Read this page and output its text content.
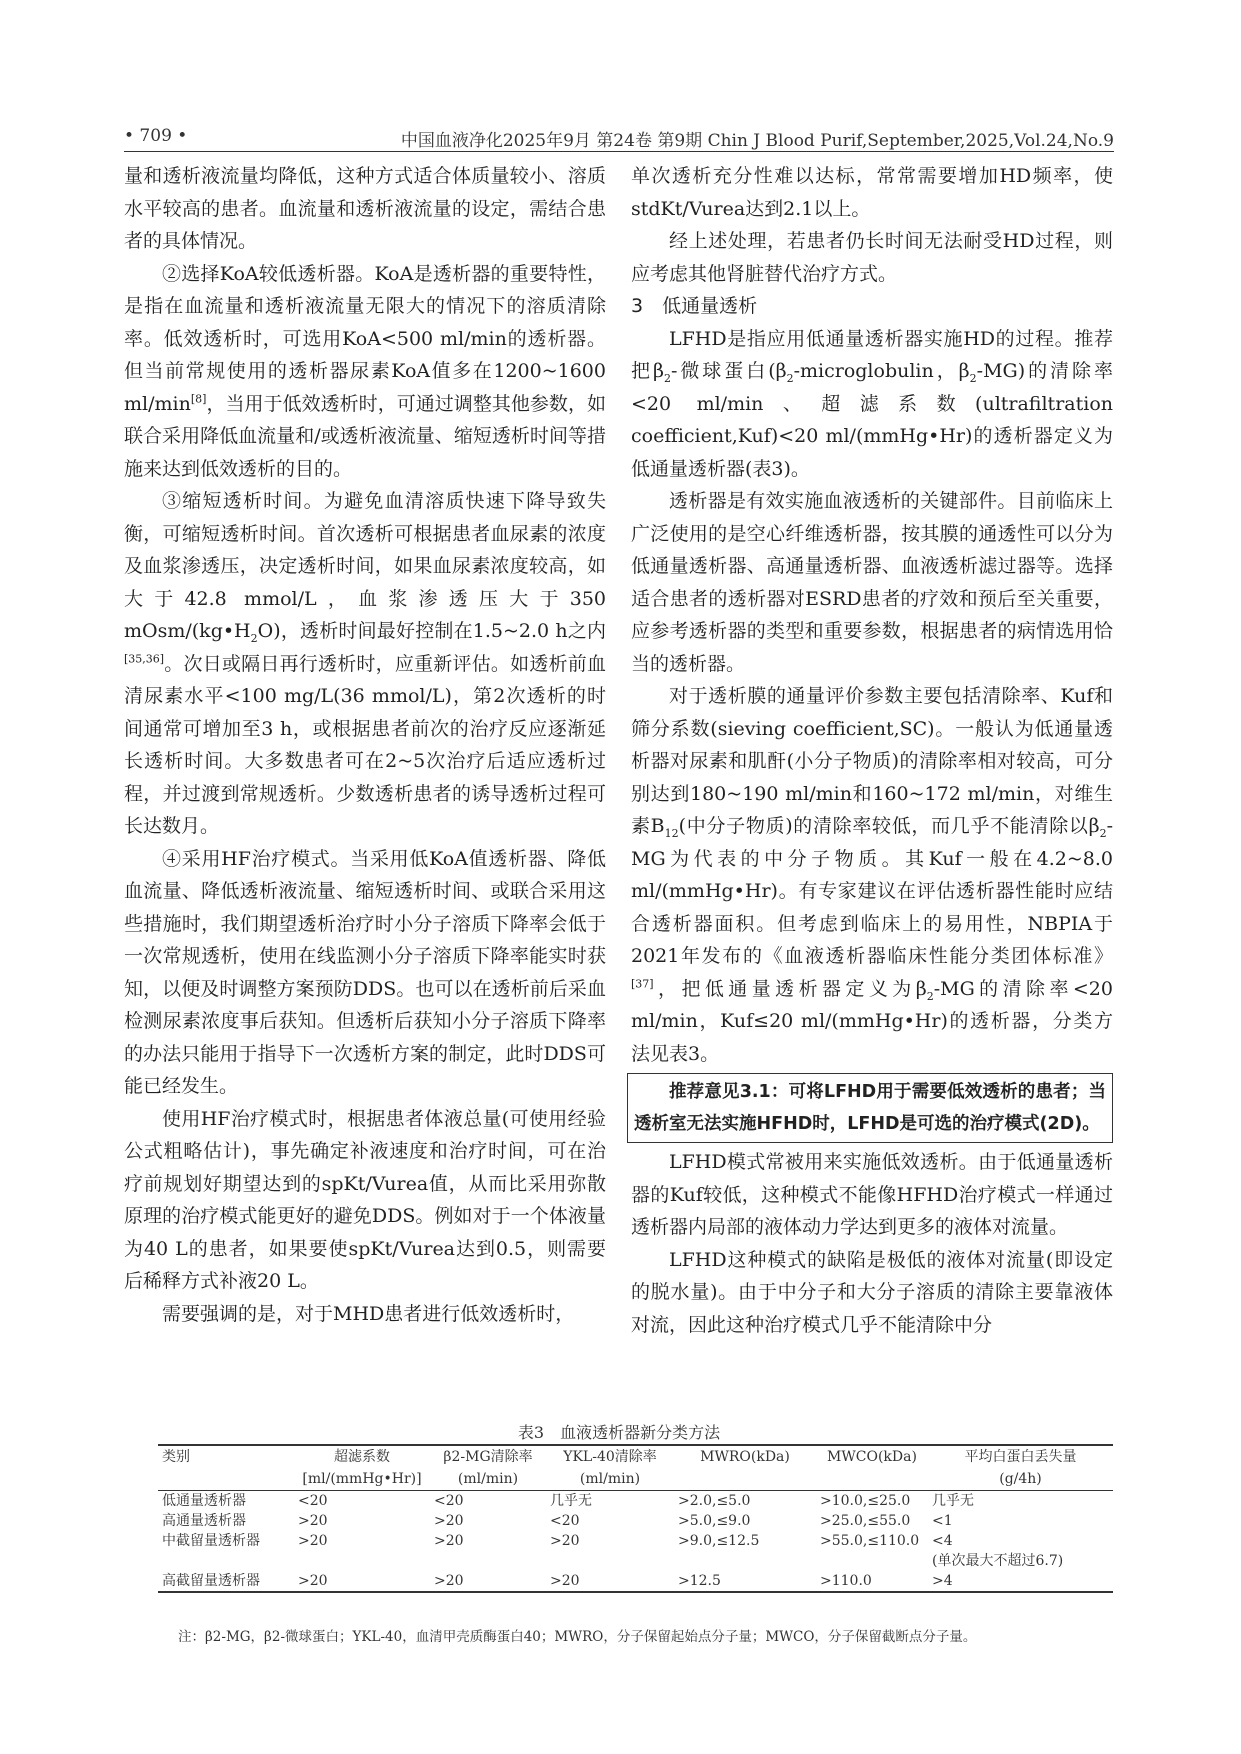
• 709 •	中国血液净化2025年9月 第24卷 第9期 Chin J Blood Purif,September,2025,Vol.24,No.9

量和透析液流量均降低，这种方式适合体质量较小、溶质水平较高的患者。血流量和透析液流量的设定，需结合患者的具体情况。

②选择KoA较低透析器。KoA是透析器的重要特性，是指在血流量和透析液流量无限大的情况下的溶质清除率。低效透析时，可选用KoA<500 ml/min的透析器。但当前常规使用的透析器尿素KoA值多在1200~1600 ml/min[8]，当用于低效透析时，可通过调整其他参数，如联合采用降低血流量和/或透析液流量、缩短透析时间等措施来达到低效透析的目的。

③缩短透析时间。为避免血清溶质快速下降导致失衡，可缩短透析时间。首次透析可根据患者血尿素的浓度及血浆渗透压，决定透析时间，如果血尿素浓度较高，如大于42.8 mmol/L，血浆渗透压大于350 mOsm/$(kg•H_2O)$，透析时间最好控制在1.5~2.0 h之内[35,36]。次日或隔日再行透析时，应重新评估。如透析前血清尿素水平<100 mg/L(36 mmol/L)，第2次透析的时间通常可增加至3 h，或根据患者前次的治疗反应逐渐延长透析时间。大多数患者可在2~5次治疗后适应透析过程，并过渡到常规透析。少数透析患者的诱导透析过程可长达数月。

④采用HF治疗模式。当采用低KoA值透析器、降低血流量、降低透析液流量、缩短透析时间、或联合采用这些措施时，我们期望透析治疗时小分子溶质下降率会低于一次常规透析，使用在线监测小分子溶质下降率能实时获知，以便及时调整方案预防DDS。也可以在透析前后采血检测尿素浓度事后获知。但透析后获知小分子溶质下降率的办法只能用于指导下一次透析方案的制定，此时DDS可能已经发生。

使用HF治疗模式时，根据患者体液总量(可使用经验公式粗略估计)，事先确定补液速度和治疗时间，可在治疗前规划好期望达到的spKt/Vurea值，从而比采用弥散原理的治疗模式能更好的避免DDS。例如对于一个体液量为40 L的患者，如果要使spKt/Vurea达到0.5，则需要后稀释方式补液20 L。

需要强调的是，对于MHD患者进行低效透析时，

单次透析充分性难以达标，常常需要增加HD频率，使stdKt/Vurea达到2.1以上。

经上述处理，若患者仍长时间无法耐受HD过程，则应考虑其他肾脏替代治疗方式。

3　低通量透析

LFHD是指应用低通量透析器实施HD的过程。推荐把$\beta_2-$微球蛋白($\beta_2$-microglobulin，$\beta_2-MG$)的清除率<20 ml/min、超滤系数(ultrafiltration coefficient,Kuf)<20 ml/(mmHg•Hr)的透析器定义为低通量透析器(表3)。

透析器是有效实施血液透析的关键部件。目前临床上广泛使用的是空心纤维透析器，按其膜的通透性可以分为低通量透析器、高通量透析器、血液透析滤过器等。选择适合患者的透析器对ESRD患者的疗效和预后至关重要，应参考透析器的类型和重要参数，根据患者的病情选用恰当的透析器。

对于透析膜的通量评价参数主要包括清除率、Kuf和筛分系数(sieving coefficient,SC)。一般认为低通量透析器对尿素和肌酐(小分子物质)的清除率相对较高，可分别达到180~190 ml/min和160~172 ml/min，对维生素$B_{12}$(中分子物质)的清除率较低，而几乎不能清除以$\beta_2-MG$为代表的中分子物质。其Kuf一般在4.2~8.0 ml/(mmHg•Hr)。有专家建议在评估透析器性能时应结合透析器面积。但考虑到临床上的易用性，NBPIA于2021年发布的《血液透析器临床性能分类团体标准》[37]，把低通量透析器定义为$\beta_2-MG$的清除率<20 ml/min，Kuf≤20 ml/(mmHg•Hr)的透析器，分类方法见表3。

推荐意见3.1：可将LFHD用于需要低效透析的患者；当透析室无法实施HFHD时，LFHD是可选的治疗模式(2D)。

LFHD模式常被用来实施低效透析。由于低通量透析器的Kuf较低，这种模式不能像HFHD治疗模式一样通过透析器内局部的液体动力学达到更多的液体对流量。

LFHD这种模式的缺陷是极低的液体对流量(即设定的脱水量)。由于中分子和大分子溶质的清除主要靠液体对流，因此这种治疗模式几乎不能清除中分

表3　血液透析器新分类方法
类别	超滤系数	β2-MG清除率	YKL-40清除率	MWRO(kDa)	MWCO(kDa)	平均白蛋白丢失量
	[ml/(mmHg•Hr)]	(ml/min)	(ml/min)			(g/4h)
低通量透析器	<20	<20	几乎无	>2.0,≤5.0	>10.0,≤25.0	几乎无
高通量透析器	>20	>20	<20	>5.0,≤9.0	>25.0,≤55.0	<1
中截留量透析器	>20	>20	>20	>9.0,≤12.5	>55.0,≤110.0	<4
						(单次最大不超过6.7)
高截留量透析器	>20	>20	>20	>12.5	>110.0	>4
注：β2-MG，β2-微球蛋白；YKL-40，血清甲壳质酶蛋白40；MWRO，分子保留起始点分子量；MWCO，分子保留截断点分子量。
